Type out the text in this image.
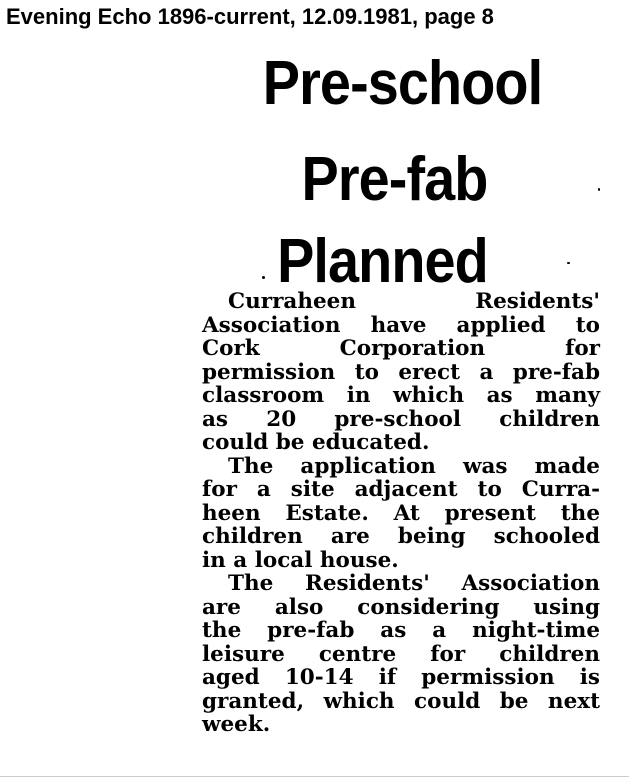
Evening Echo 1896-current, 12.09.1981, page 8
Pre-school
Pre-fab
Planned

Curraheen Residents'
Association have applied to
Cork Corporation for
permission to erect a pre-fab
classroom in which as many
as 20 pre-school children
could be educated.

The application was made
for a site adjacent to Curra-
heen Estate. At present the
children are being schooled
in a local house.

The Residents' Association
are also considering using
the pre-fab as a night-time
leisure centre for children
aged 10-14 if permission is
granted, which could be next
week.
